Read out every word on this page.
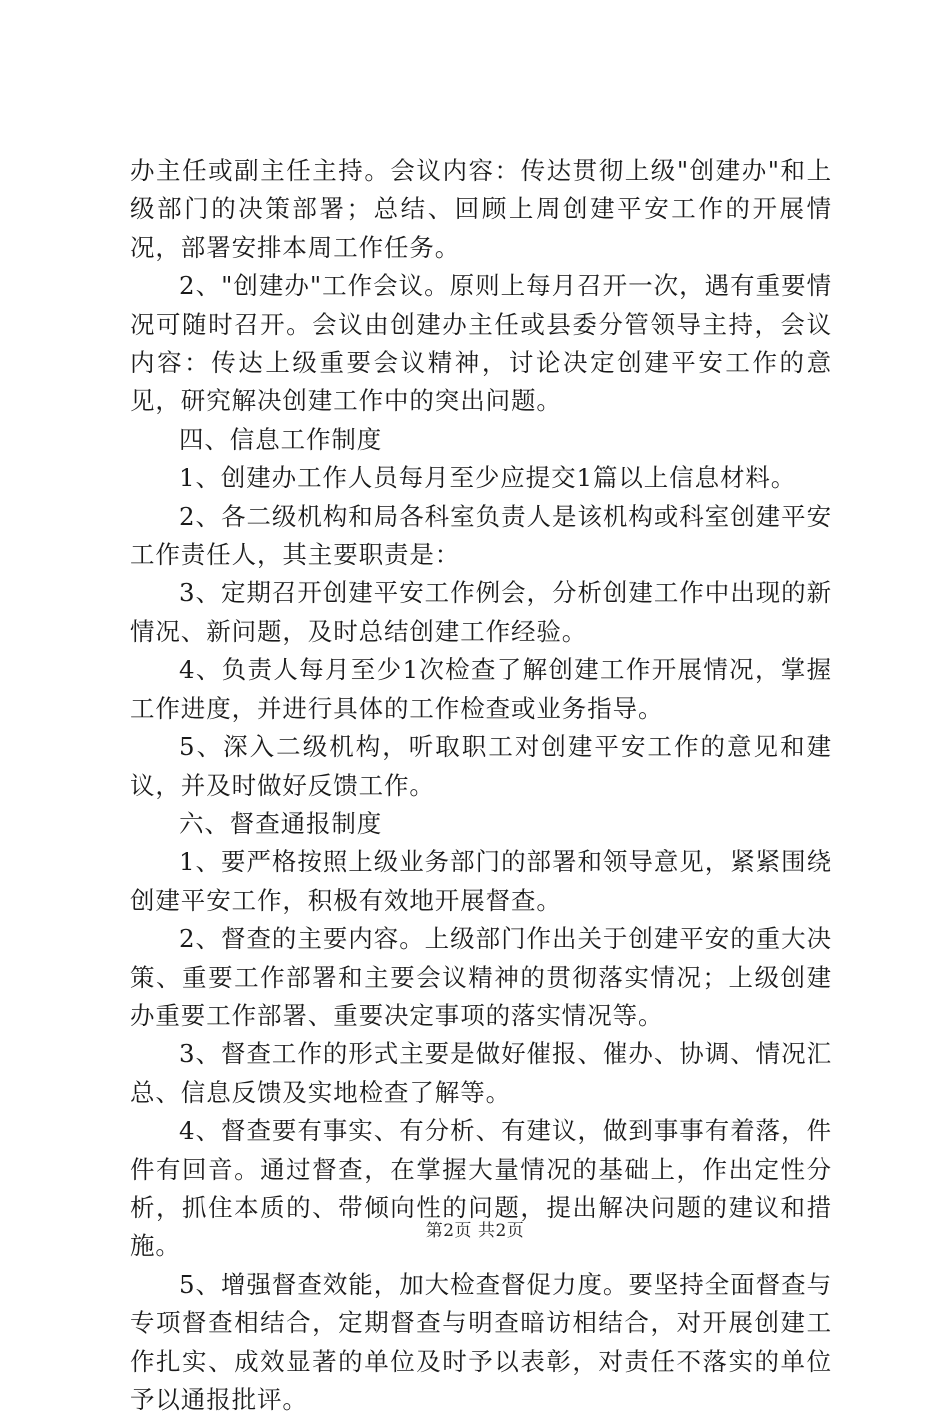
办主任或副主任主持。会议内容：传达贯彻上级"创建办"和上级部门的决策部署；总结、回顾上周创建平安工作的开展情况，部署安排本周工作任务。

2、"创建办"工作会议。原则上每月召开一次，遇有重要情况可随时召开。会议由创建办主任或县委分管领导主持，会议内容：传达上级重要会议精神，讨论决定创建平安工作的意见，研究解决创建工作中的突出问题。

四、信息工作制度

1、创建办工作人员每月至少应提交1篇以上信息材料。

2、各二级机构和局各科室负责人是该机构或科室创建平安工作责任人，其主要职责是：

3、定期召开创建平安工作例会，分析创建工作中出现的新情况、新问题，及时总结创建工作经验。

4、负责人每月至少1次检查了解创建工作开展情况，掌握工作进度，并进行具体的工作检查或业务指导。

5、深入二级机构，听取职工对创建平安工作的意见和建议，并及时做好反馈工作。

六、督查通报制度

1、要严格按照上级业务部门的部署和领导意见，紧紧围绕创建平安工作，积极有效地开展督查。

2、督查的主要内容。上级部门作出关于创建平安的重大决策、重要工作部署和主要会议精神的贯彻落实情况；上级创建办重要工作部署、重要决定事项的落实情况等。

3、督查工作的形式主要是做好催报、催办、协调、情况汇总、信息反馈及实地检查了解等。

4、督查要有事实、有分析、有建议，做到事事有着落，件件有回音。通过督查，在掌握大量情况的基础上，作出定性分析，抓住本质的、带倾向性的问题，提出解决问题的建议和措施。

5、增强督查效能，加大检查督促力度。要坚持全面督查与专项督查相结合，定期督查与明查暗访相结合，对开展创建工作扎实、成效显著的单位及时予以表彰，对责任不落实的单位予以通报批评。

第2页 共2页
